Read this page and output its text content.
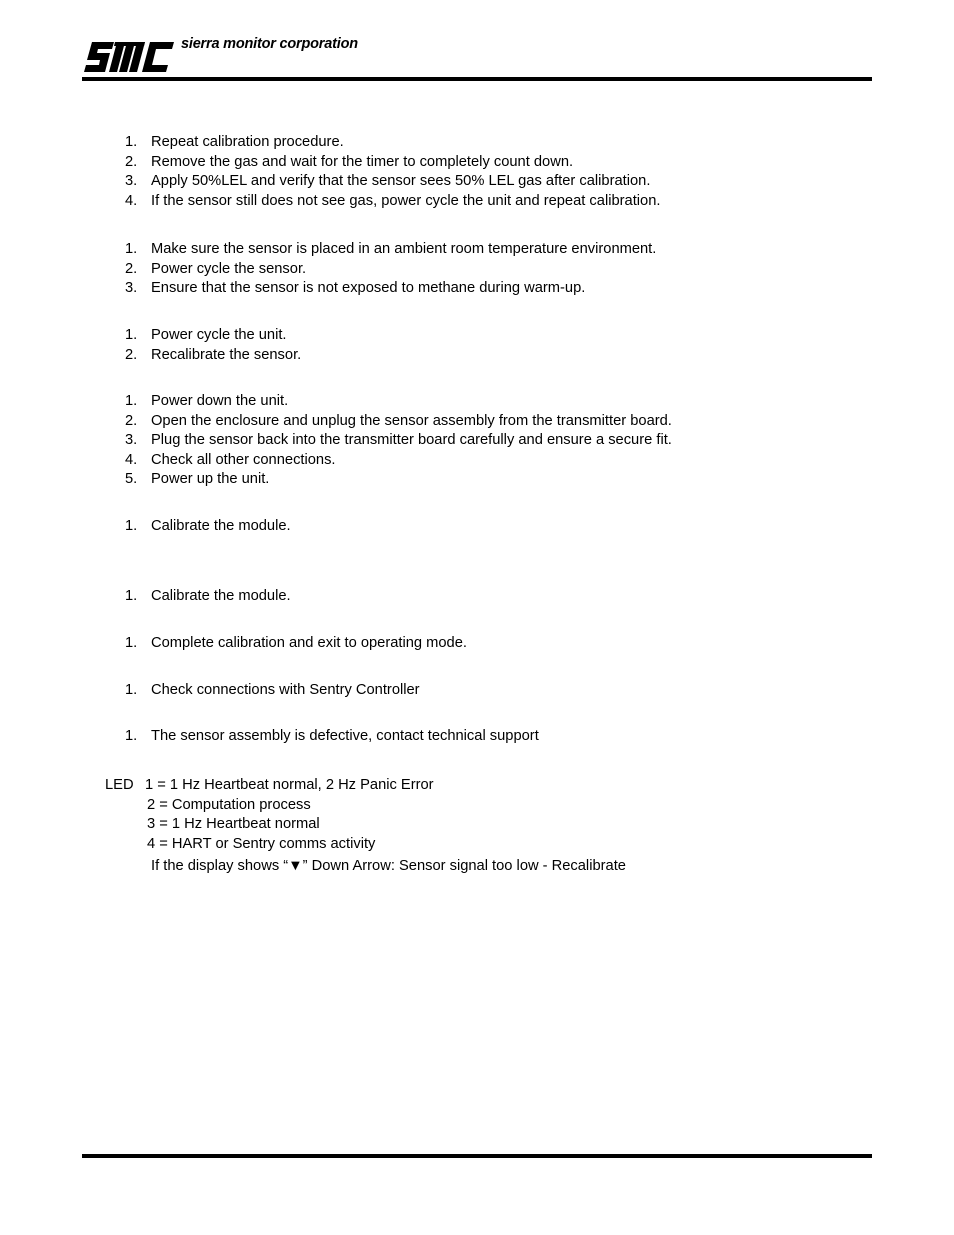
sierra monitor corporation
1. Repeat calibration procedure.
2. Remove the gas and wait for the timer to completely count down.
3. Apply 50%LEL and verify that the sensor sees 50% LEL gas after calibration.
4. If the sensor still does not see gas, power cycle the unit and repeat calibration.
1. Make sure the sensor is placed in an ambient room temperature environment.
2. Power cycle the sensor.
3. Ensure that the sensor is not exposed to methane during warm-up.
1. Power cycle the unit.
2. Recalibrate the sensor.
1. Power down the unit.
2. Open the enclosure and unplug the sensor assembly from the transmitter board.
3. Plug the sensor back into the transmitter board carefully and ensure a secure fit.
4. Check all other connections.
5. Power up the unit.
1. Calibrate the module.
1. Calibrate the module.
1. Complete calibration and exit to operating mode.
1. Check connections with Sentry Controller
1. The sensor assembly is defective, contact technical support
LED 1 = 1 Hz Heartbeat normal, 2 Hz Panic Error
2 = Computation process
3 = 1 Hz Heartbeat normal
4 = HART or Sentry comms activity
If the display shows “▼” Down Arrow: Sensor signal too low - Recalibrate
